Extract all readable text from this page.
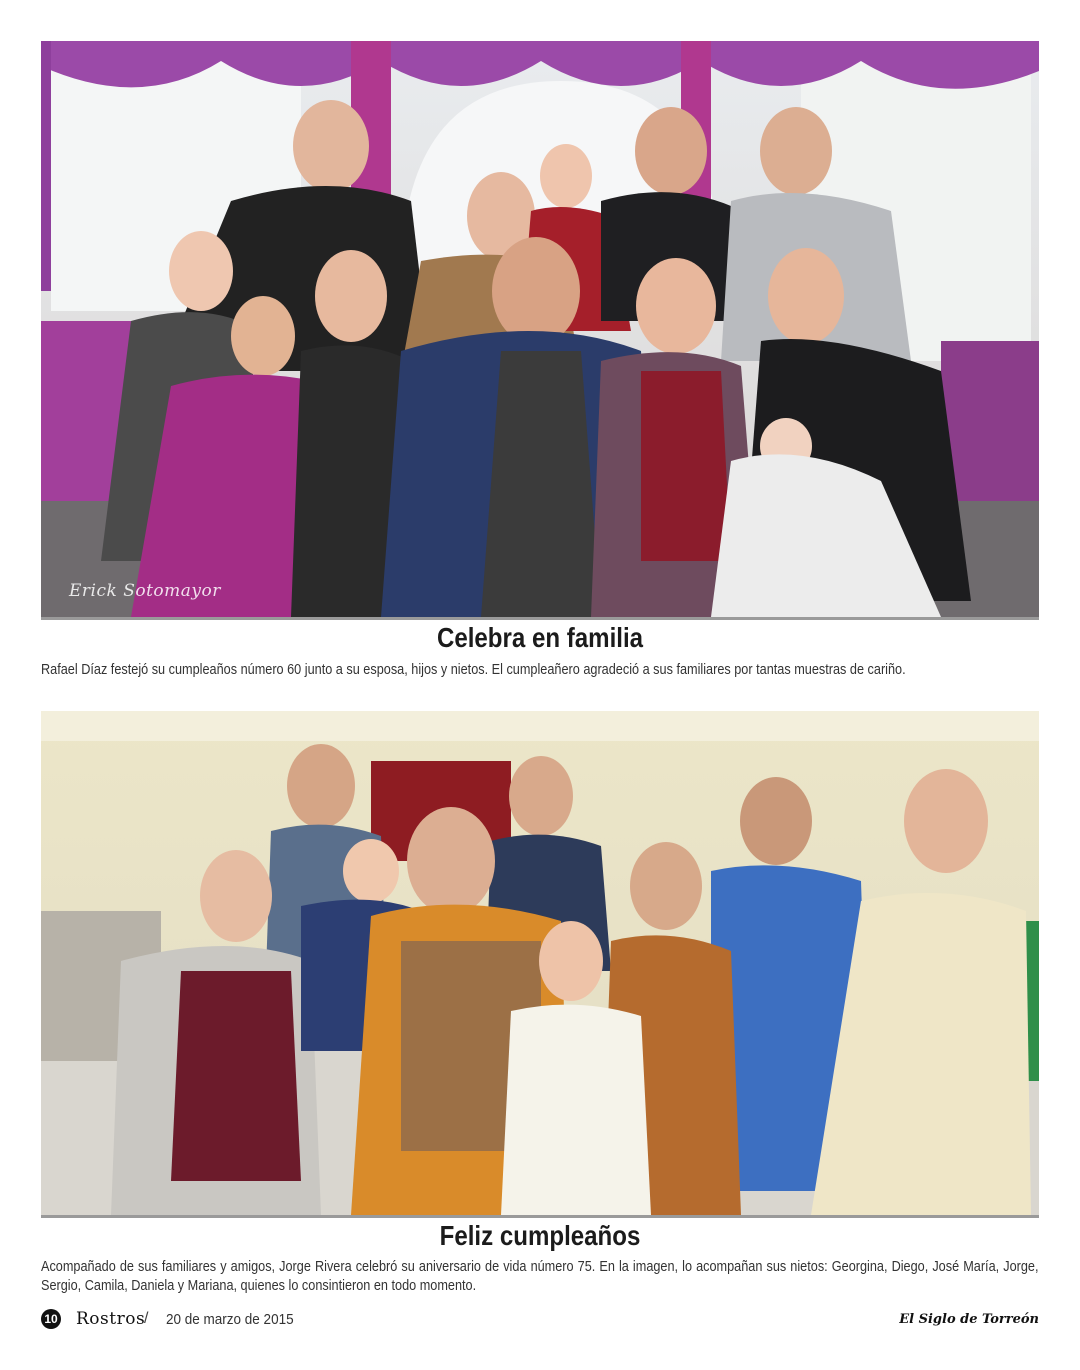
Erick Sotomayor
Celebra en familia

Rafael Díaz festejó su cumpleaños número 60 junto a su esposa, hijos y nietos. El cumpleañero agradeció a sus familiares por tantas muestras de cariño.

Feliz cumpleaños

Acompañado de sus familiares y amigos, Jorge Rivera celebró su aniversario de vida número 75. En la imagen, lo acompañan sus nietos: Georgina, Diego, José María, Jorge, Sergio, Camila, Daniela y Mariana, quienes lo consintieron en todo momento.

10 Rostros
/ 20 de marzo de 2015	El Siglo de Torreón
